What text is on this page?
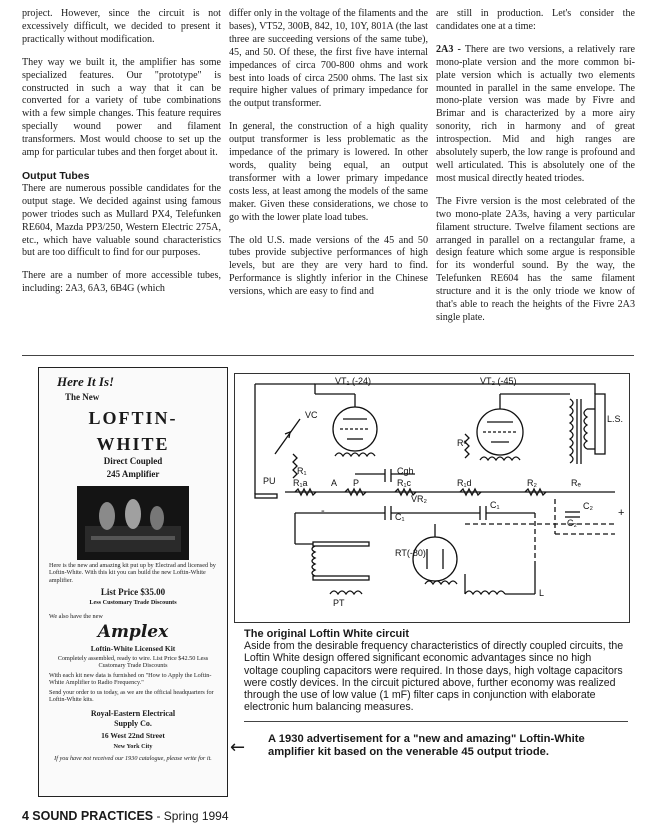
project. However, since the circuit is not excessively difficult, we decided to present it practically without modification.

They way we built it, the amplifier has some specialized features. Our "prototype" is constructed in such a way that it can be converted for a variety of tube combinations with a few simple changes. This feature requires specially wound power and filament transformers. Most would choose to set up the amp for particular tubes and then forget about it.

Output Tubes

There are numerous possible candidates for the output stage. We decided against using famous power triodes such as Mullard PX4, Telefunken RE604, Mazda PP3/250, Western Electric 275A, etc., which have valuable sound characteristics but are too difficult to find for our purposes.

There are a number of more accessible tubes, including: 2A3, 6A3, 6B4G (which

differ only in the voltage of the filaments and the bases), VT52, 300B, 842, 10, 10Y, 801A (the last three are succeeding versions of the same tube), 45, and 50. Of these, the first five have internal impedances of circa 700-800 ohms and work best into loads of circa 2500 ohms. The last six require higher values of primary impedance for the output transformer.

In general, the construction of a high quality output transformer is less problematic as the impedance of the primary is lowered. In other words, quality being equal, an output transformer with a lower primary impedance costs less, at least among the models of the same maker. Given these considerations, we chose to go with the lower plate load tubes.

The old U.S. made versions of the 45 and 50 tubes provide subjective performances of high levels, but are they are very hard to find. Performance is slightly inferior in the Chinese versions, which are easy to find and

are still in production. Let's consider the candidates one at a time:

2A3 - There are two versions, a relatively rare mono-plate version and the more common bi-plate version which is actually two elements mounted in parallel in the same envelope. The mono-plate version was made by Fivre and Brimar and is characterized by a more airy sonority, rich in harmony and of great introspection. Mid and high ranges are absolutely superb, the low range is profound and well articulated. This is absolutely one of the most musical directly heated triodes.

The Fivre version is the most celebrated of the two mono-plate 2A3s, having a very particular filament structure. Twelve filament sections are arranged in parallel on a rectangular frame, a design feature which some argue is responsible for its wonderful sound. By the way, the Telefunken RE604 has the same filament structure and it is the only triode we know of that's able to reach the heights of the Fivre 2A3 single plate.

Here It Is!
The New
LOFTIN-
WHITE
Direct Coupled
245 Amplifier
Here is the new and amazing kit put up by Electrad and licensed by Loftin-White. With this kit you can build the new Loftin-White amplifier.
List Price $35.00
Less Customary Trade Discounts
We also have the new
Amplex
Loftin-White Licensed Kit
Completely assembled, ready to wire. List Price $42.50 Less Customary Trade Discounts
With each kit new data is furnished on "How to Apply the Loftin-White Amplifier to Radio Frequency."
Send your order to us today, as we are the official headquarters for Loftin-White kits.
Royal-Eastern Electrical
Supply Co.
16 West 22nd Street
New York City
If you have not received our 1930 catalogue, please write for it.
VT₁ (-24)	VT₂ (-45)
VC
PU
R₁	Cgh
R₁a	A P	R₁c	R₁d	R₂	Rₑ
Rᶜ
VR₂
C₁
C₁
C₂
C₂
L.S.
RT(-80)
PT
L
+
-
The original Loftin White circuit
Aside from the desirable frequency characteristics of directly coupled circuits, the Loftin White design offered significant economic advantages since no high voltage coupling capacitors were required. In those days, high voltage capacitors were costly devices. In the circuit pictured above, further economy was realized through the use of low value (1 mF) filter caps in conjunction with elaborate electronic hum balancing measures.
← A 1930 advertisement for a "new and amazing" Loftin-White amplifier kit based on the venerable 45 output triode.
4 SOUND PRACTICES - Spring 1994
